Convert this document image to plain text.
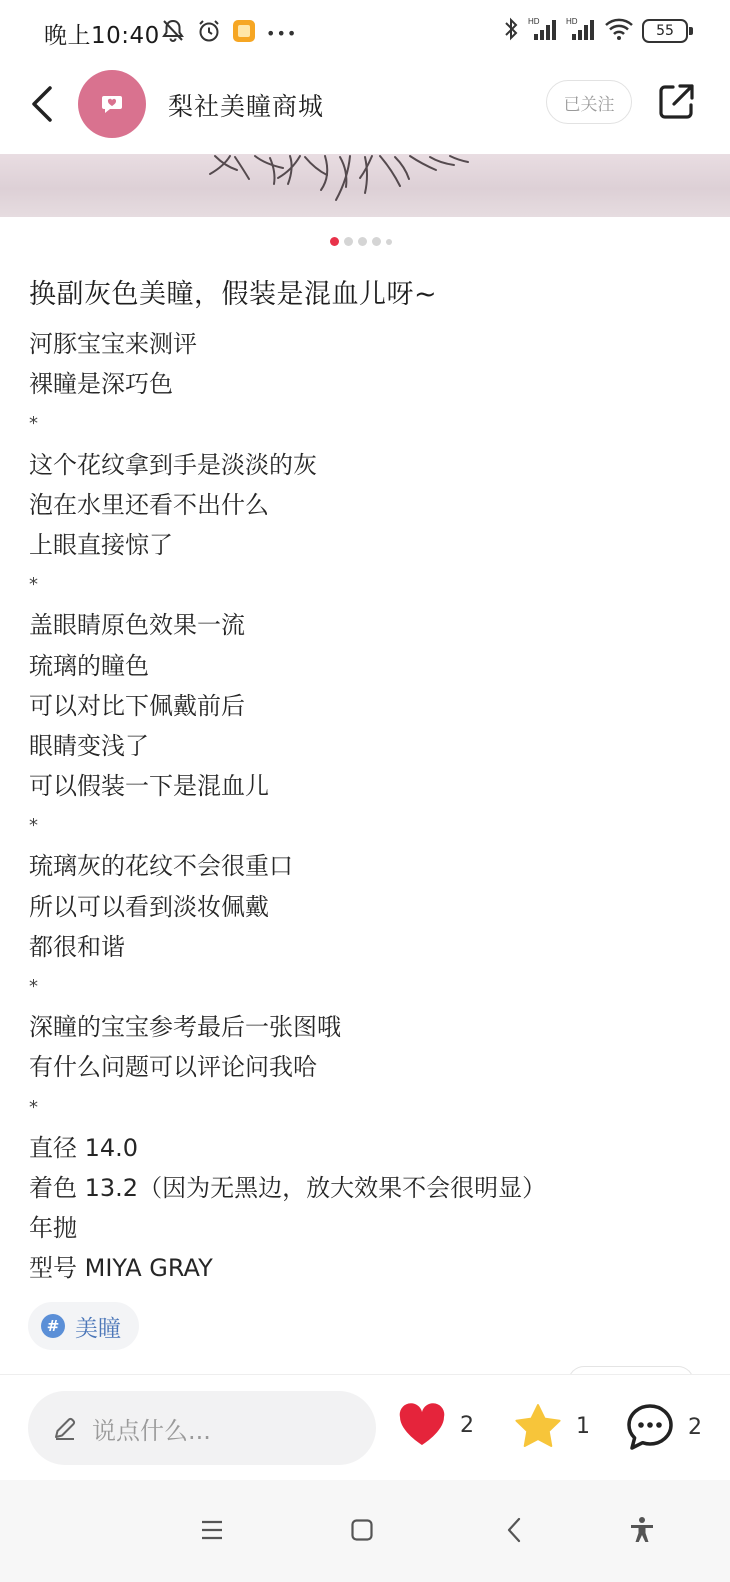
晚上10:40	•••
HD	HD
55
梨社美瞳商城	已关注
换副灰色美瞳，假装是混血儿呀~
河豚宝宝来测评
裸瞳是深巧色
*
这个花纹拿到手是淡淡的灰
泡在水里还看不出什么
上眼直接惊了
*
盖眼睛原色效果一流
琉璃的瞳色
可以对比下佩戴前后
眼睛变浅了
可以假装一下是混血儿
*
琉璃灰的花纹不会很重口
所以可以看到淡妆佩戴
都很和谐
*
深瞳的宝宝参考最后一张图哦
有什么问题可以评论问我哈
*
直径 14.0
着色 13.2（因为无黑边，放大效果不会很明显）
年抛
型号 MIYA GRAY
# 美瞳
说点什么...	2	1	2
